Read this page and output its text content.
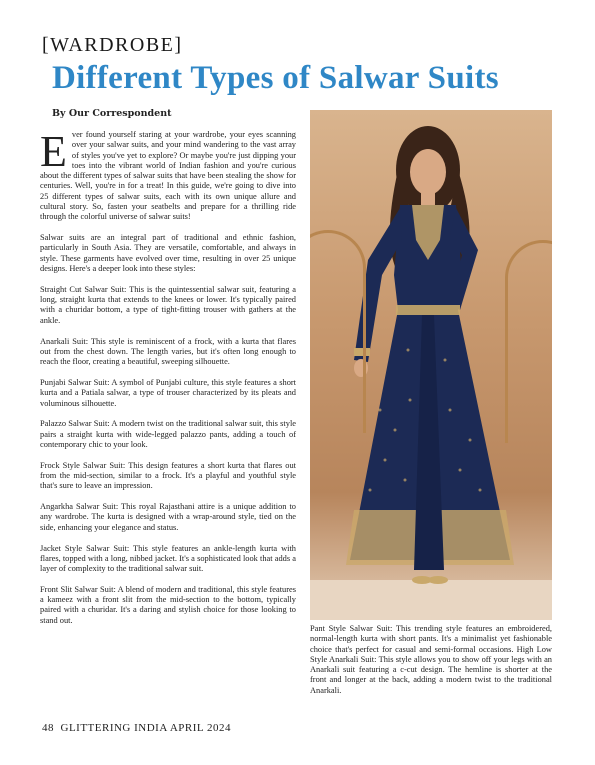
[WARDROBE]
Different Types of Salwar Suits
By Our Correspondent

Ever found yourself staring at your wardrobe, your eyes scanning over your salwar suits, and your mind wandering to the vast array of styles you've yet to explore? Or maybe you're just dipping your toes into the vibrant world of Indian fashion and you're curious about the different types of salwar suits that have been stealing the show for centuries. Well, you're in for a treat! In this guide, we're going to dive into 25 different types of salwar suits, each with its own unique allure and cultural story. So, fasten your seatbelts and prepare for a thrilling ride through the colorful universe of salwar suits!

Salwar suits are an integral part of traditional and ethnic fashion, particularly in South Asia. They are versatile, comfortable, and always in style. These garments have evolved over time, resulting in over 25 unique designs. Here's a deeper look into these styles:

Straight Cut Salwar Suit: This is the quintessential salwar suit, featuring a long, straight kurta that extends to the knees or lower. It's typically paired with a churidar bottom, a type of tight-fitting trouser with gathers at the ankle.

Anarkali Suit: This style is reminiscent of a frock, with a kurta that flares out from the chest down. The length varies, but it's often long enough to reach the floor, creating a beautiful, sweeping silhouette.

Punjabi Salwar Suit: A symbol of Punjabi culture, this style features a short kurta and a Patiala salwar, a type of trouser characterized by its pleats and voluminous silhouette.

Palazzo Salwar Suit: A modern twist on the traditional salwar suit, this style pairs a straight kurta with wide-legged palazzo pants, adding a touch of contemporary chic to your look.

Frock Style Salwar Suit: This design features a short kurta that flares out from the mid-section, similar to a frock. It's a playful and youthful style that's sure to leave an impression.

Angarkha Salwar Suit: This royal Rajasthani attire is a unique addition to any wardrobe. The kurta is designed with a wrap-around style, tied on the side, enhancing your elegance and status.

Jacket Style Salwar Suit: This style features an ankle-length kurta with flares, topped with a long, nibbed jacket. It's a sophisticated look that adds a layer of complexity to the traditional salwar suit.

Front Slit Salwar Suit: A blend of modern and traditional, this style features a kameez with a front slit from the mid-section to the bottom, typically paired with a churidar. It's a daring and stylish choice for those looking to stand out.

Pant Style Salwar Suit: This trending style features an embroidered, normal-length kurta with short pants. It's a minimalist yet fashionable choice that's perfect for casual and semi-formal occasions. High Low Style Anarkali Suit: This style allows you to show off your legs with an Anarkali suit featuring a c-cut design. The hemline is shorter at the front and longer at the back, adding a modern twist to the traditional Anarkali.
48 GLITTERING INDIA APRIL 2024
